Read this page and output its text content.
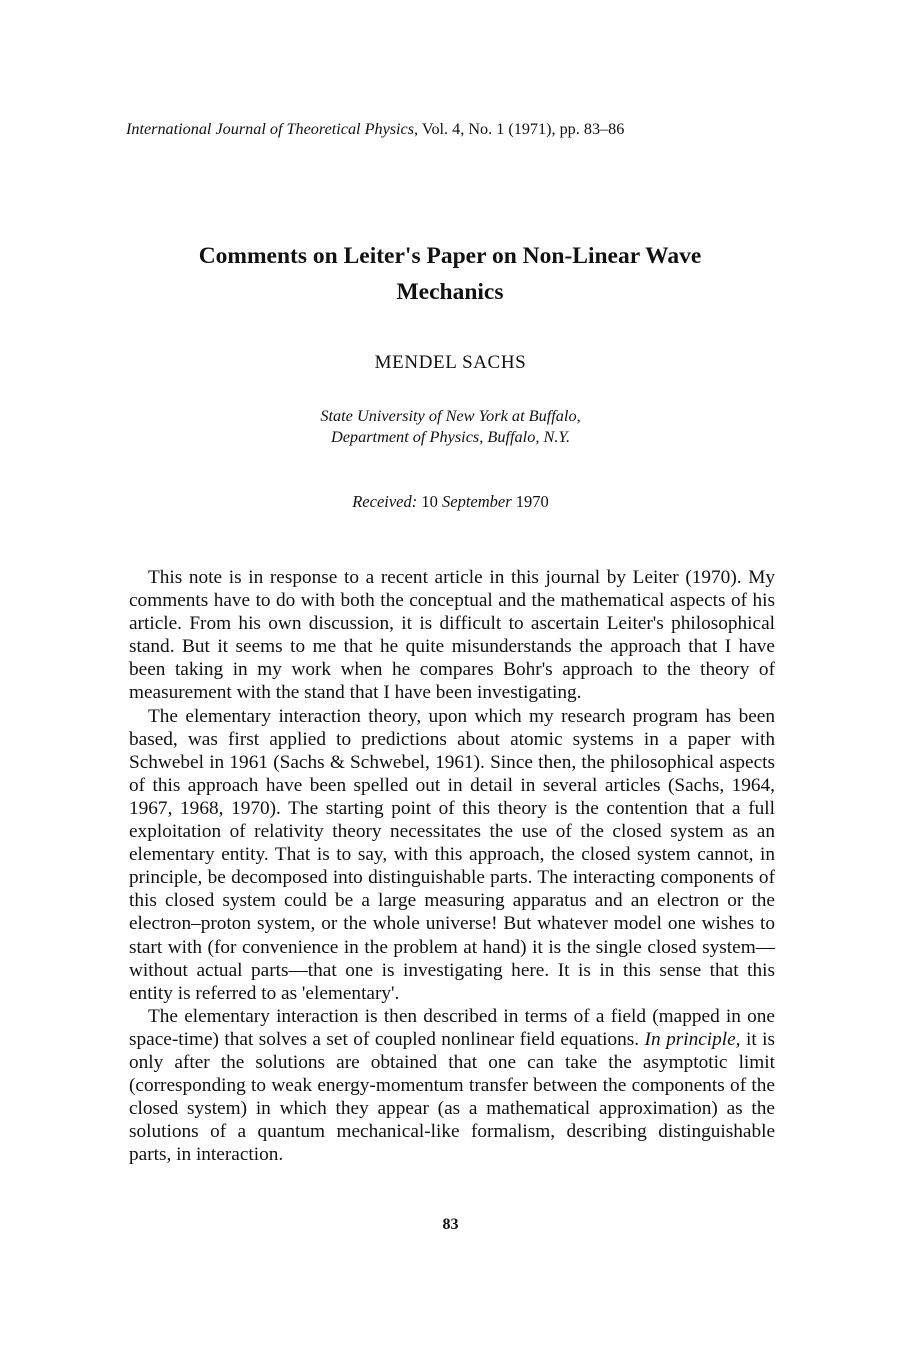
International Journal of Theoretical Physics, Vol. 4, No. 1 (1971), pp. 83–86
Comments on Leiter's Paper on Non-Linear Wave
Mechanics
MENDEL SACHS
State University of New York at Buffalo,
Department of Physics, Buffalo, N.Y.
Received: 10 September 1970

This note is in response to a recent article in this journal by Leiter (1970). My comments have to do with both the conceptual and the mathematical aspects of his article. From his own discussion, it is difficult to ascertain Leiter's philosophical stand. But it seems to me that he quite misunderstands the approach that I have been taking in my work when he compares Bohr's approach to the theory of measurement with the stand that I have been investigating.

The elementary interaction theory, upon which my research program has been based, was first applied to predictions about atomic systems in a paper with Schwebel in 1961 (Sachs & Schwebel, 1961). Since then, the philosophical aspects of this approach have been spelled out in detail in several articles (Sachs, 1964, 1967, 1968, 1970). The starting point of this theory is the contention that a full exploitation of relativity theory necessitates the use of the closed system as an elementary entity. That is to say, with this approach, the closed system cannot, in principle, be decomposed into distinguishable parts. The interacting components of this closed system could be a large measuring apparatus and an electron or the electron–proton system, or the whole universe! But whatever model one wishes to start with (for convenience in the problem at hand) it is the single closed system—without actual parts—that one is investigating here. It is in this sense that this entity is referred to as 'elementary'.

The elementary interaction is then described in terms of a field (mapped in one space-time) that solves a set of coupled nonlinear field equations. In principle, it is only after the solutions are obtained that one can take the asymptotic limit (corresponding to weak energy-momentum transfer between the components of the closed system) in which they appear (as a mathematical approximation) as the solutions of a quantum mechanical-like formalism, describing distinguishable parts, in interaction.

83
